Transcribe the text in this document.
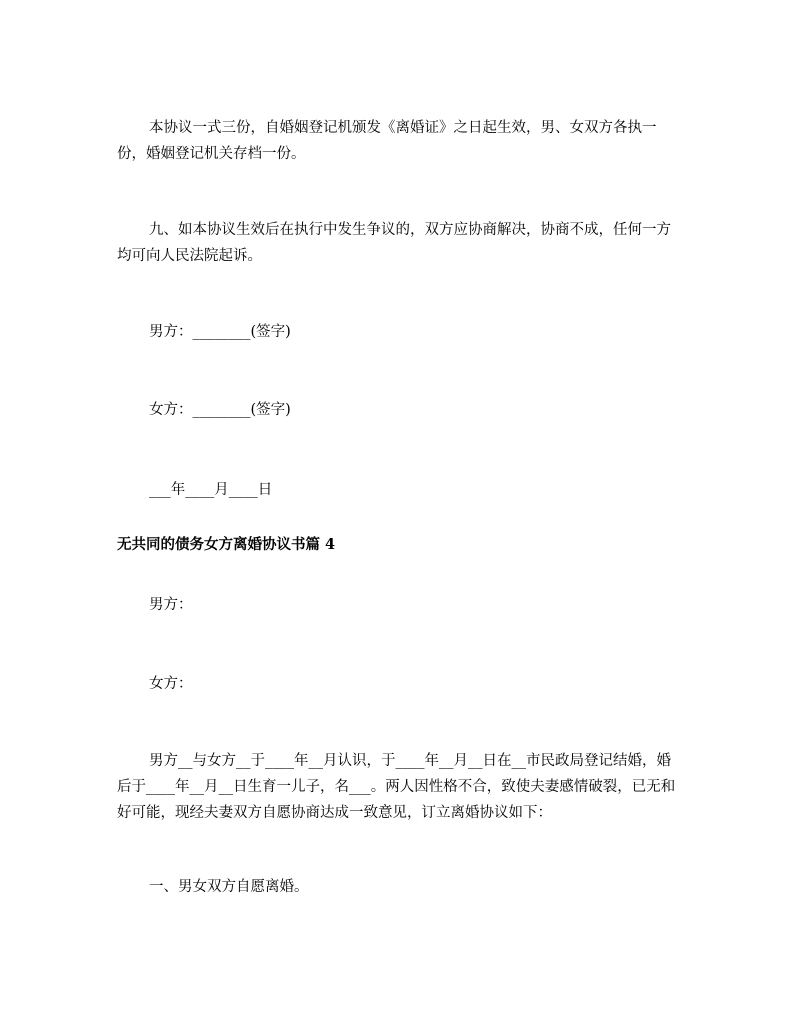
本协议一式三份，自婚姻登记机颁发《离婚证》之日起生效，男、女双方各执一份，婚姻登记机关存档一份。

九、如本协议生效后在执行中发生争议的，双方应协商解决，协商不成，任何一方均可向人民法院起诉。

男方：________(签字)

女方：________(签字)

___年____月____日

无共同的债务女方离婚协议书篇 4

男方：

女方：

男方__与女方__于____年__月认识，于____年__月__日在__市民政局登记结婚，婚后于____年__月__日生育一儿子，名___。两人因性格不合，致使夫妻感情破裂，已无和好可能，现经夫妻双方自愿协商达成一致意见，订立离婚协议如下：

一、男女双方自愿离婚。
